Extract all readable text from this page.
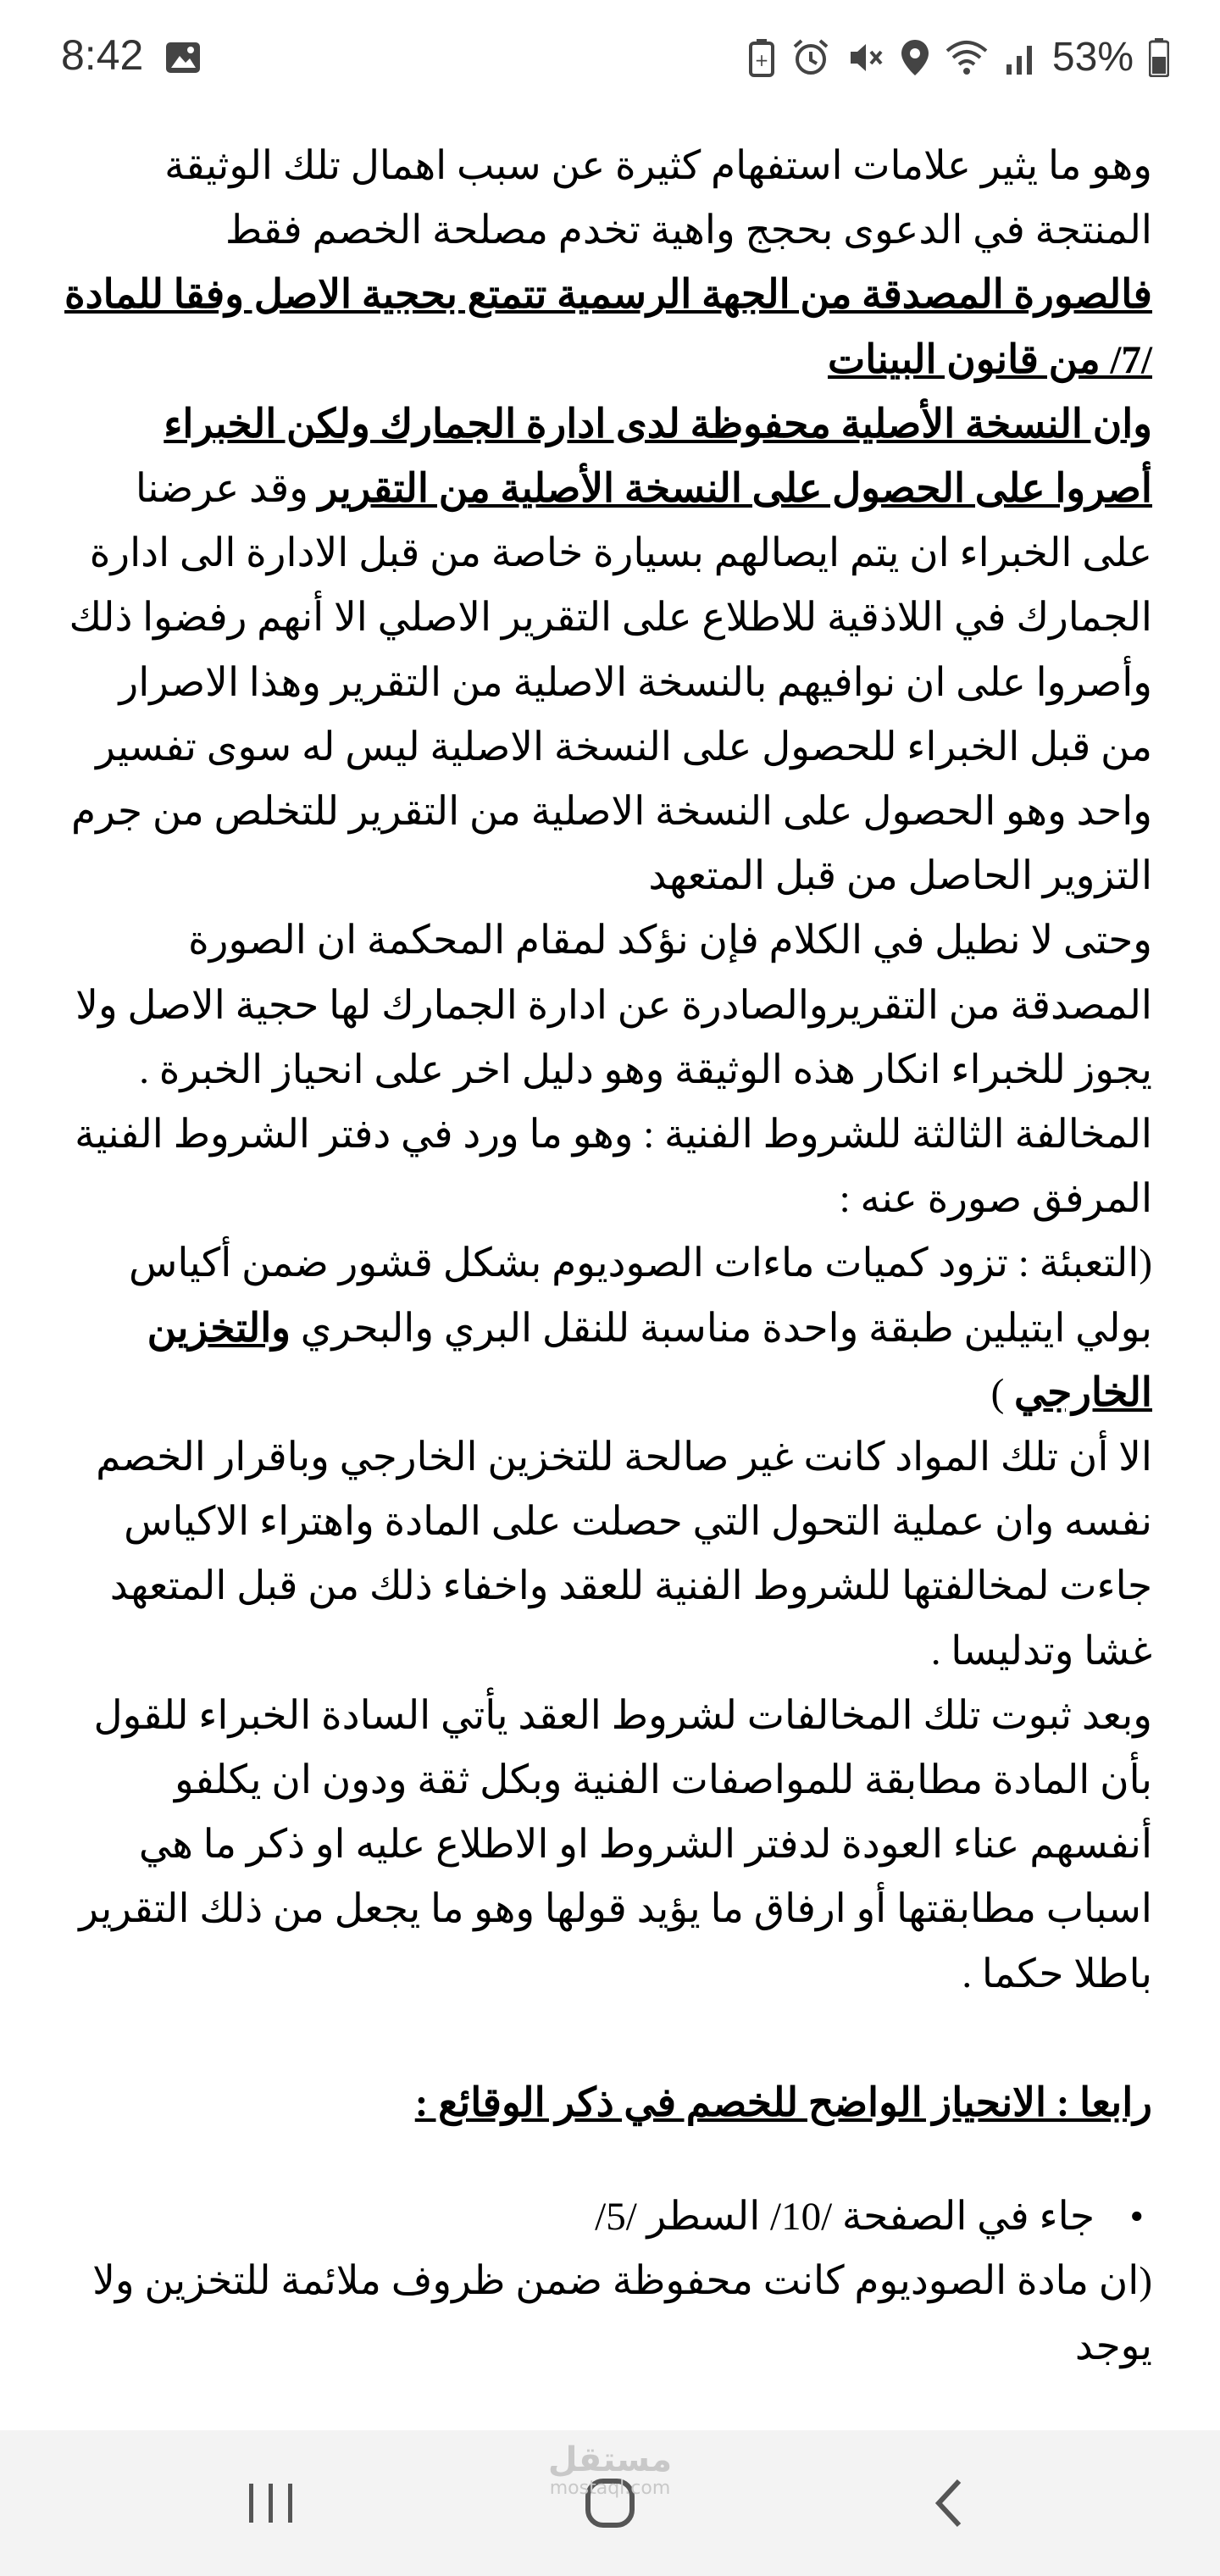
8:42	+	53%

وهو ما يثير علامات استفهام كثيرة عن سبب اهمال تلك الوثيقة المنتجة في الدعوى بحجج واهية تخدم مصلحة الخصم فقط

فالصورة المصدقة من الجهة الرسمية تتمتع بحجية الاصل وفقا للمادة /7/ من قانون البينات

وان النسخة الأصلية محفوظة لدى ادارة الجمارك ولكن الخبراء أصروا على الحصول على النسخة الأصلية من التقرير وقد عرضنا على الخبراء ان يتم ايصالهم بسيارة خاصة من قبل الادارة الى ادارة الجمارك في اللاذقية للاطلاع على التقرير الاصلي الا أنهم رفضوا ذلك وأصروا على ان نوافيهم بالنسخة الاصلية من التقرير وهذا الاصرار من قبل الخبراء للحصول على النسخة الاصلية ليس له سوى تفسير واحد وهو الحصول على النسخة الاصلية من التقرير للتخلص من جرم التزوير الحاصل من قبل المتعهد

وحتى لا نطيل في الكلام فإن نؤكد لمقام المحكمة ان الصورة المصدقة من التقريروالصادرة عن ادارة الجمارك لها حجية الاصل ولا يجوز للخبراء انكار هذه الوثيقة وهو دليل اخر على انحياز الخبرة .

المخالفة الثالثة للشروط الفنية : وهو ما ورد في دفتر الشروط الفنية المرفق صورة عنه :

(التعبئة : تزود كميات ماءات الصوديوم بشكل قشور ضمن أكياس بولي ايتيلين طبقة واحدة مناسبة للنقل البري والبحري والتخزين الخارجي )

الا أن تلك المواد كانت غير صالحة للتخزين الخارجي وباقرار الخصم نفسه وان عملية التحول التي حصلت على المادة واهتراء الاكياس جاءت لمخالفتها للشروط الفنية للعقد واخفاء ذلك من قبل المتعهد غشا وتدليسا .

وبعد ثبوت تلك المخالفات لشروط العقد يأتي السادة الخبراء للقول بأن المادة مطابقة للمواصفات الفنية وبكل ثقة ودون ان يكلفو أنفسهم عناء العودة لدفتر الشروط او الاطلاع عليه او ذكر ما هي اسباب مطابقتها أو ارفاق ما يؤيد قولها وهو ما يجعل من ذلك التقرير باطلا حكما .

رابعا : الانحياز الواضح للخصم في ذكر الوقائع :

• جاء في الصفحة /10/ السطر /5/

(ان مادة الصوديوم كانت محفوظة ضمن ظروف ملائمة للتخزين ولا يوجد

مستقل
mostaql.com
